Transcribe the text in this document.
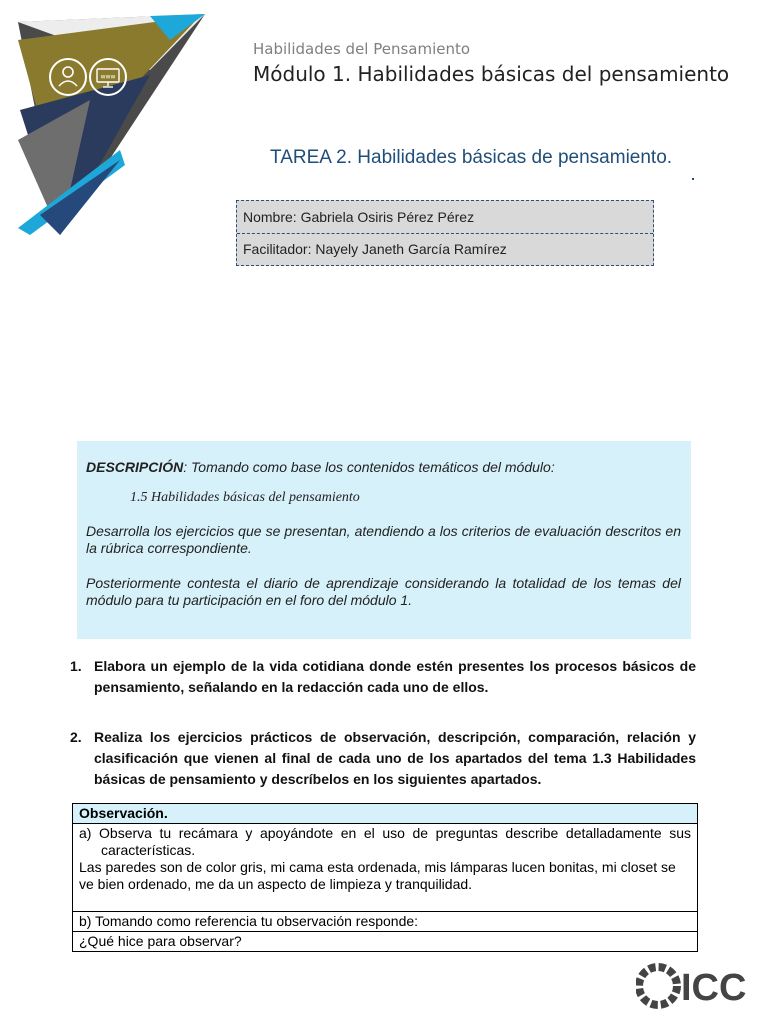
www
Habilidades del Pensamiento
Módulo 1. Habilidades básicas del pensamiento
TAREA 2. Habilidades básicas de pensamiento.
Nombre: Gabriela Osiris Pérez Pérez
Facilitador: Nayely Janeth García Ramírez

DESCRIPCIÓN: Tomando como base los contenidos temáticos del módulo:

1.5 Habilidades básicas del pensamiento

Desarrolla los ejercicios que se presentan, atendiendo a los criterios de evaluación descritos en la rúbrica correspondiente.

Posteriormente contesta el diario de aprendizaje considerando la totalidad de los temas del módulo para tu participación en el foro del módulo 1.

1. Elabora un ejemplo de la vida cotidiana donde estén presentes los procesos básicos de pensamiento, señalando en la redacción cada uno de ellos.
2. Realiza los ejercicios prácticos de observación, descripción, comparación, relación y clasificación que vienen al final de cada uno de los apartados del tema 1.3 Habilidades básicas de pensamiento y descríbelos en los siguientes apartados.
Observación.

a) Observa tu recámara y apoyándote en el uso de preguntas describe detalladamente sus características.
Las paredes son de color gris, mi cama esta ordenada, mis lámparas lucen bonitas, mi closet se ve bien ordenado, me da un aspecto de limpieza y tranquilidad.

b) Tomando como referencia tu observación responde:
¿Qué hice para observar?
ICC
